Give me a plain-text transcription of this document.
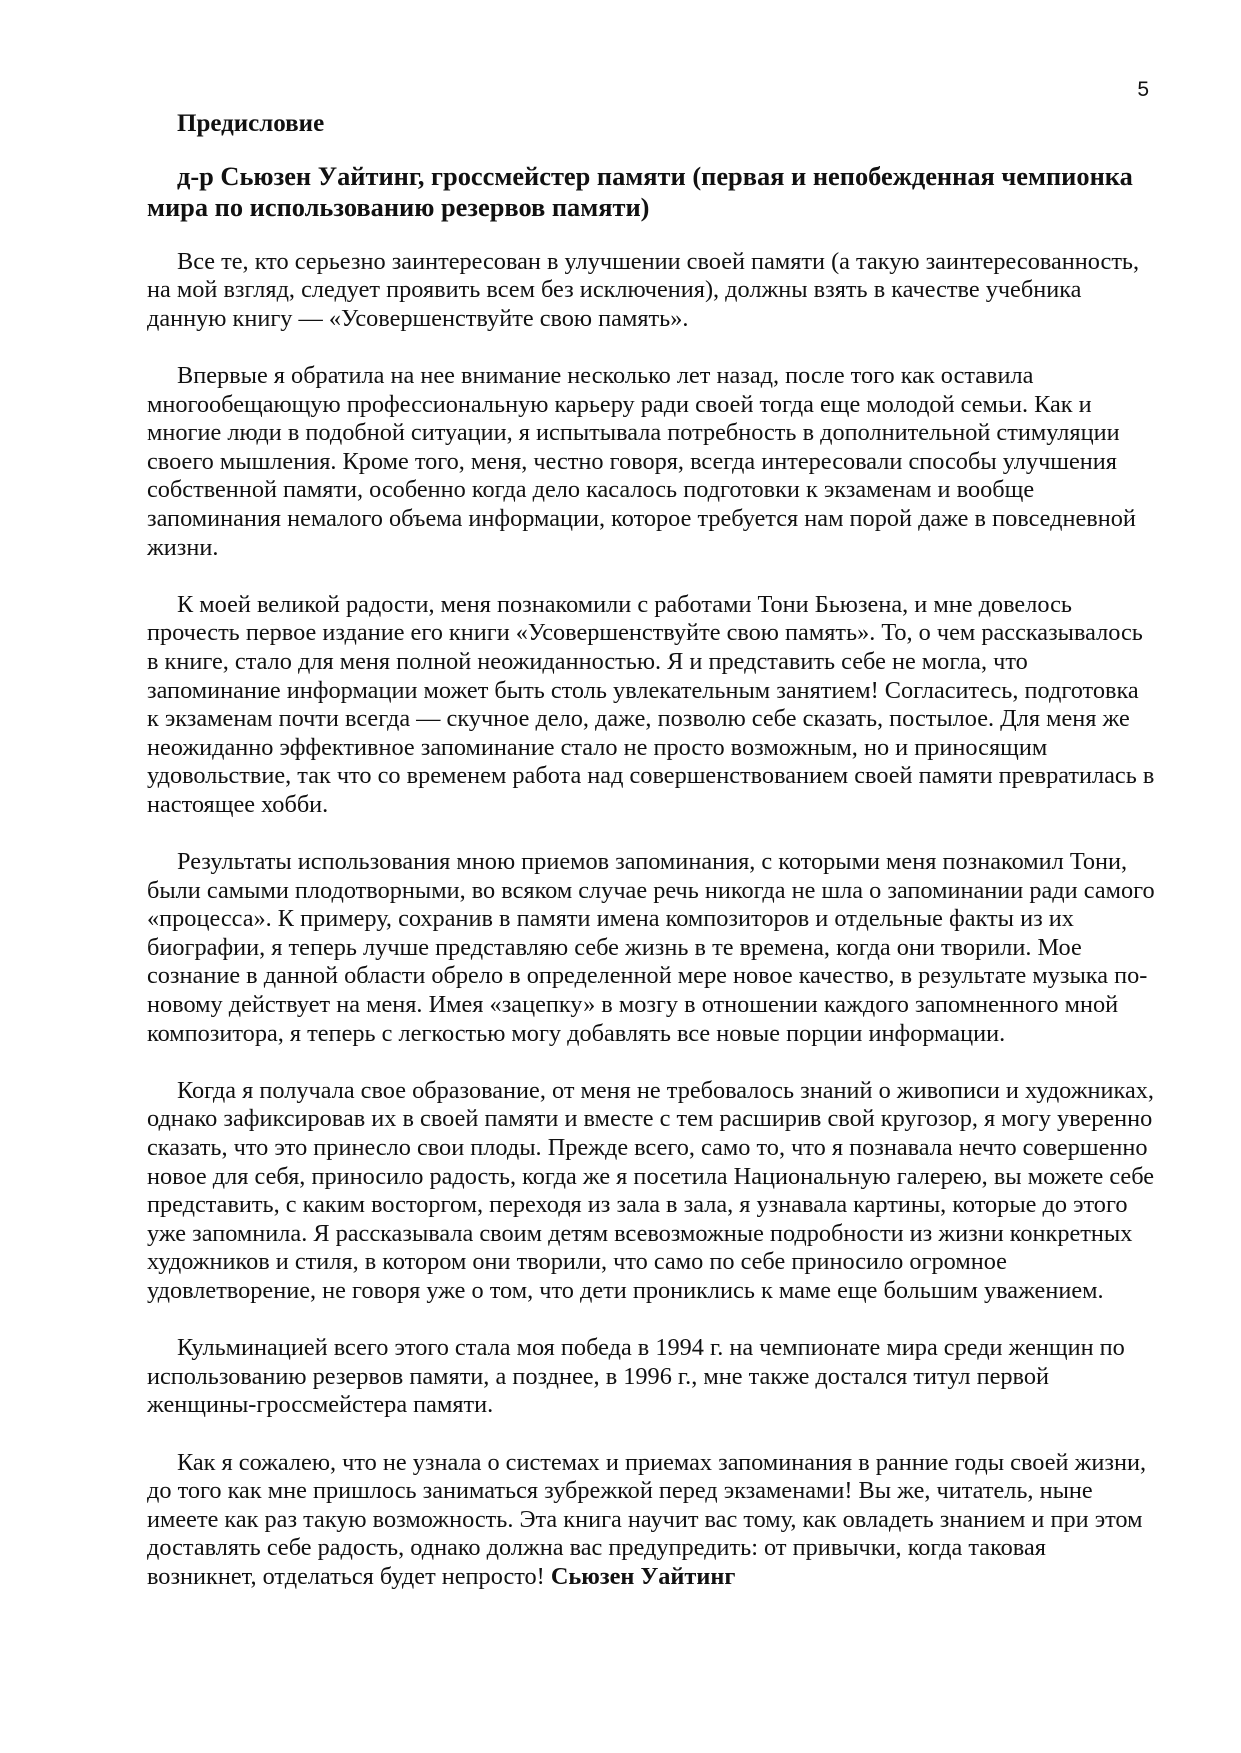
5

Предисловие

д-р Сьюзен Уайтинг, гроссмейстер памяти (первая и непобежденная чемпионка мира по использованию резервов памяти)

Все те, кто серьезно заинтересован в улучшении своей памяти (а такую заинтересованность, на мой взгляд, следует проявить всем без исключения), должны взять в качестве учебника данную книгу — «Усовершенствуйте свою память».

Впервые я обратила на нее внимание несколько лет назад, после того как оставила многообещающую профессиональную карьеру ради своей тогда еще молодой семьи. Как и многие люди в подобной ситуации, я испытывала потребность в дополнительной стимуляции своего мышления. Кроме того, меня, честно говоря, всегда интересовали способы улучшения собственной памяти, особенно когда дело касалось подготовки к экзаменам и вообще запоминания немалого объема информации, которое требуется нам порой даже в повседневной жизни.

К моей великой радости, меня познакомили с работами Тони Бьюзена, и мне довелось прочесть первое издание его книги «Усовершенствуйте свою память». То, о чем рассказывалось в книге, стало для меня полной неожиданностью. Я и представить себе не могла, что запоминание информации может быть столь увлекательным занятием! Согласитесь, подготовка к экзаменам почти всегда — скучное дело, даже, позволю себе сказать, постылое. Для меня же неожиданно эффективное запоминание стало не просто возможным, но и приносящим удовольствие, так что со временем работа над совершенствованием своей памяти превратилась в настоящее хобби.

Результаты использования мною приемов запоминания, с которыми меня познакомил Тони, были самыми плодотворными, во всяком случае речь никогда не шла о запоминании ради самого «процесса». К примеру, сохранив в памяти имена композиторов и отдельные факты из их биографии, я теперь лучше представляю себе жизнь в те времена, когда они творили. Мое сознание в данной области обрело в определенной мере новое качество, в результате музыка по-новому действует на меня. Имея «зацепку» в мозгу в отношении каждого запомненного мной композитора, я теперь с легкостью могу добавлять все новые порции информации.

Когда я получала свое образование, от меня не требовалось знаний о живописи и художниках, однако зафиксировав их в своей памяти и вместе с тем расширив свой кругозор, я могу уверенно сказать, что это принесло свои плоды. Прежде всего, само то, что я познавала нечто совершенно новое для себя, приносило радость, когда же я посетила Национальную галерею, вы можете себе представить, с каким восторгом, переходя из зала в зала, я узнавала картины, которые до этого уже запомнила. Я рассказывала своим детям всевозможные подробности из жизни конкретных художников и стиля, в котором они творили, что само по себе приносило огромное удовлетворение, не говоря уже о том, что дети прониклись к маме еще большим уважением.

Кульминацией всего этого стала моя победа в 1994 г. на чемпионате мира среди женщин по использованию резервов памяти, а позднее, в 1996 г., мне также достался титул первой женщины-гроссмейстера памяти.

Как я сожалею, что не узнала о системах и приемах запоминания в ранние годы своей жизни, до того как мне пришлось заниматься зубрежкой перед экзаменами! Вы же, читатель, ныне имеете как раз такую возможность. Эта книга научит вас тому, как овладеть знанием и при этом доставлять себе радость, однако должна вас предупредить: от привычки, когда таковая возникнет, отделаться будет непросто! Сьюзен Уайтинг
